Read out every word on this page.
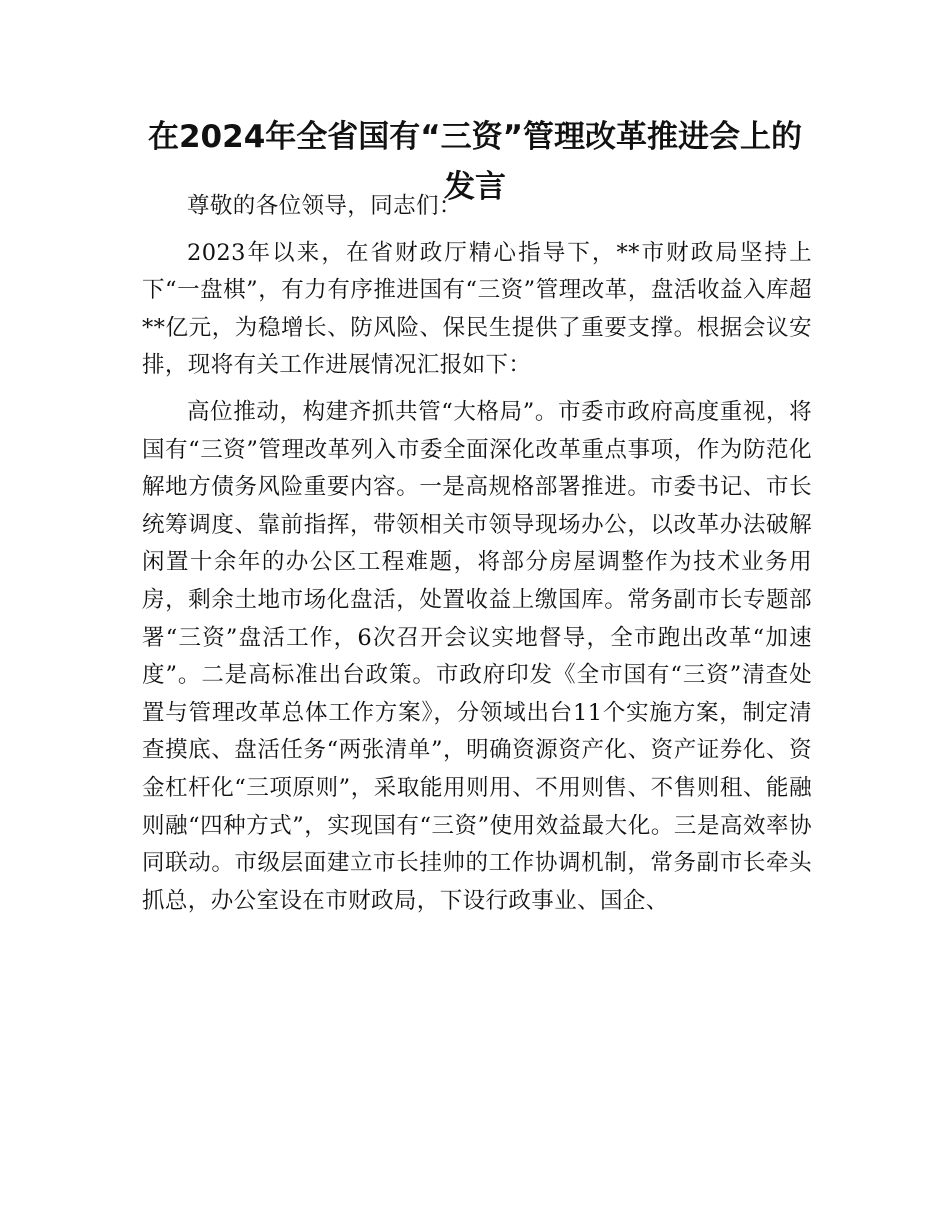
在2024年全省国有“三资”管理改革推进会上的发言

尊敬的各位领导，同志们：

2023年以来，在省财政厅精心指导下，**市财政局坚持上下“一盘棋”，有力有序推进国有“三资”管理改革，盘活收益入库超**亿元，为稳增长、防风险、保民生提供了重要支撑。根据会议安排，现将有关工作进展情况汇报如下：

高位推动，构建齐抓共管“大格局”。市委市政府高度重视，将国有“三资”管理改革列入市委全面深化改革重点事项，作为防范化解地方债务风险重要内容。一是高规格部署推进。市委书记、市长统筹调度、靠前指挥，带领相关市领导现场办公，以改革办法破解闲置十余年的办公区工程难题，将部分房屋调整作为技术业务用房，剩余土地市场化盘活，处置收益上缴国库。常务副市长专题部署“三资”盘活工作，6次召开会议实地督导，全市跑出改革“加速度”。二是高标准出台政策。市政府印发《全市国有“三资”清查处置与管理改革总体工作方案》，分领域出台11个实施方案，制定清查摸底、盘活任务“两张清单”，明确资源资产化、资产证券化、资金杠杆化“三项原则”，采取能用则用、不用则售、不售则租、能融则融“四种方式”，实现国有“三资”使用效益最大化。三是高效率协同联动。市级层面建立市长挂帅的工作协调机制，常务副市长牵头抓总，办公室设在市财政局，下设行政事业、国企、
